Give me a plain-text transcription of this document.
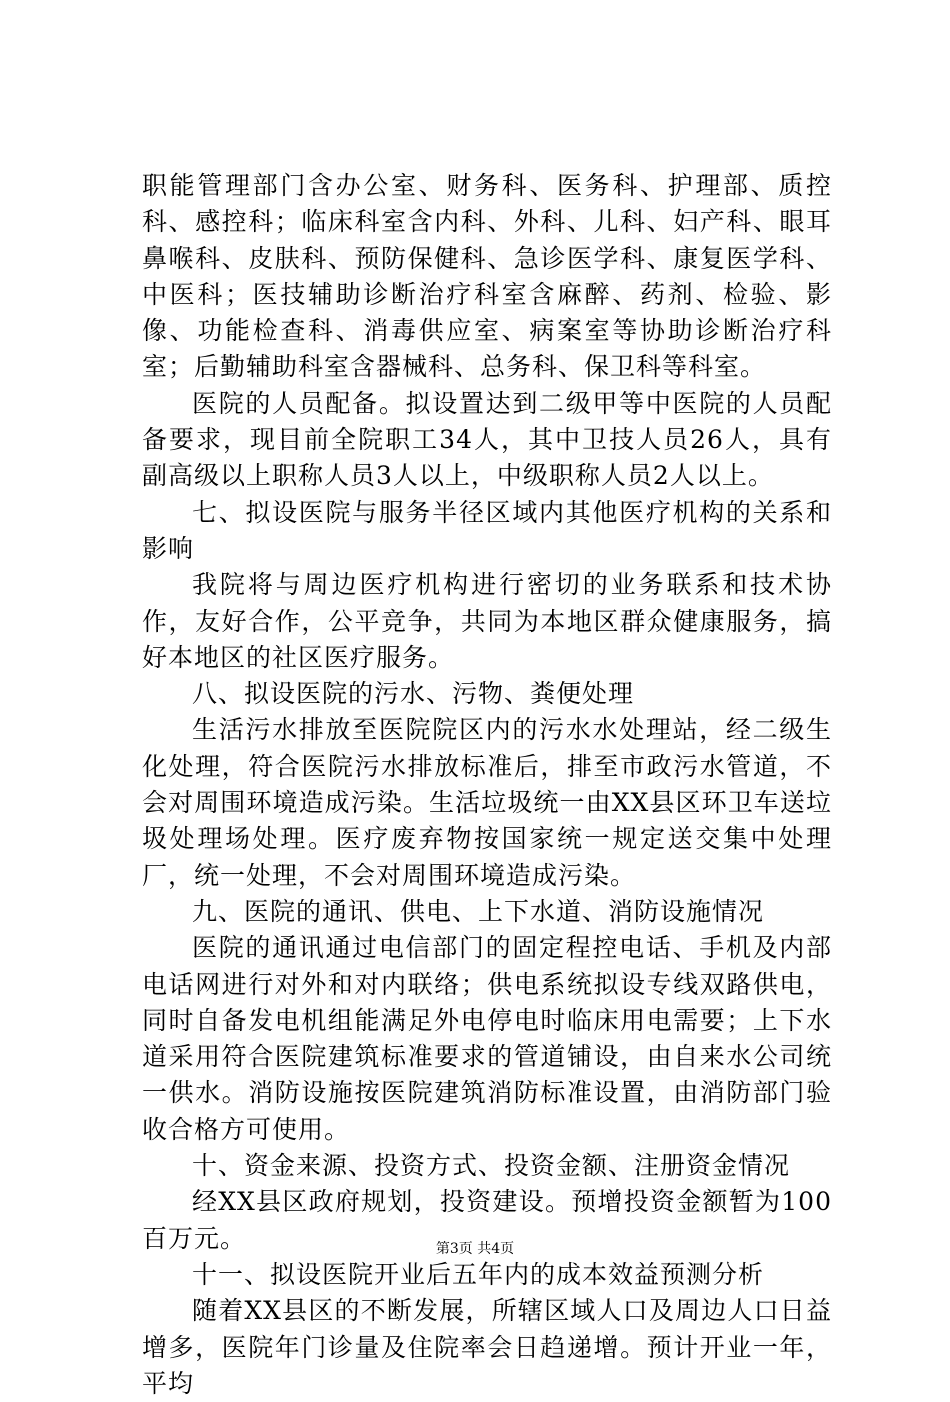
职能管理部门含办公室、财务科、医务科、护理部、质控科、感控科；临床科室含内科、外科、儿科、妇产科、眼耳鼻喉科、皮肤科、预防保健科、急诊医学科、康复医学科、中医科；医技辅助诊断治疗科室含麻醉、药剂、检验、影像、功能检查科、消毒供应室、病案室等协助诊断治疗科室；后勤辅助科室含器械科、总务科、保卫科等科室。

医院的人员配备。拟设置达到二级甲等中医院的人员配备要求，现目前全院职工34人，其中卫技人员26人，具有副高级以上职称人员3人以上，中级职称人员2人以上。

七、拟设医院与服务半径区域内其他医疗机构的关系和影响

我院将与周边医疗机构进行密切的业务联系和技术协作，友好合作，公平竞争，共同为本地区群众健康服务，搞好本地区的社区医疗服务。

八、拟设医院的污水、污物、粪便处理

生活污水排放至医院院区内的污水水处理站，经二级生化处理，符合医院污水排放标准后，排至市政污水管道，不会对周围环境造成污染。生活垃圾统一由XX县区环卫车送垃圾处理场处理。医疗废弃物按国家统一规定送交集中处理厂，统一处理，不会对周围环境造成污染。

九、医院的通讯、供电、上下水道、消防设施情况

医院的通讯通过电信部门的固定程控电话、手机及内部电话网进行对外和对内联络；供电系统拟设专线双路供电，同时自备发电机组能满足外电停电时临床用电需要；上下水道采用符合医院建筑标准要求的管道铺设，由自来水公司统一供水。消防设施按医院建筑消防标准设置，由消防部门验收合格方可使用。

十、资金来源、投资方式、投资金额、注册资金情况

经XX县区政府规划，投资建设。预增投资金额暂为100百万元。

十一、拟设医院开业后五年内的成本效益预测分析

随着XX县区的不断发展，所辖区域人口及周边人口日益增多，医院年门诊量及住院率会日趋递增。预计开业一年，平均

第3页 共4页
